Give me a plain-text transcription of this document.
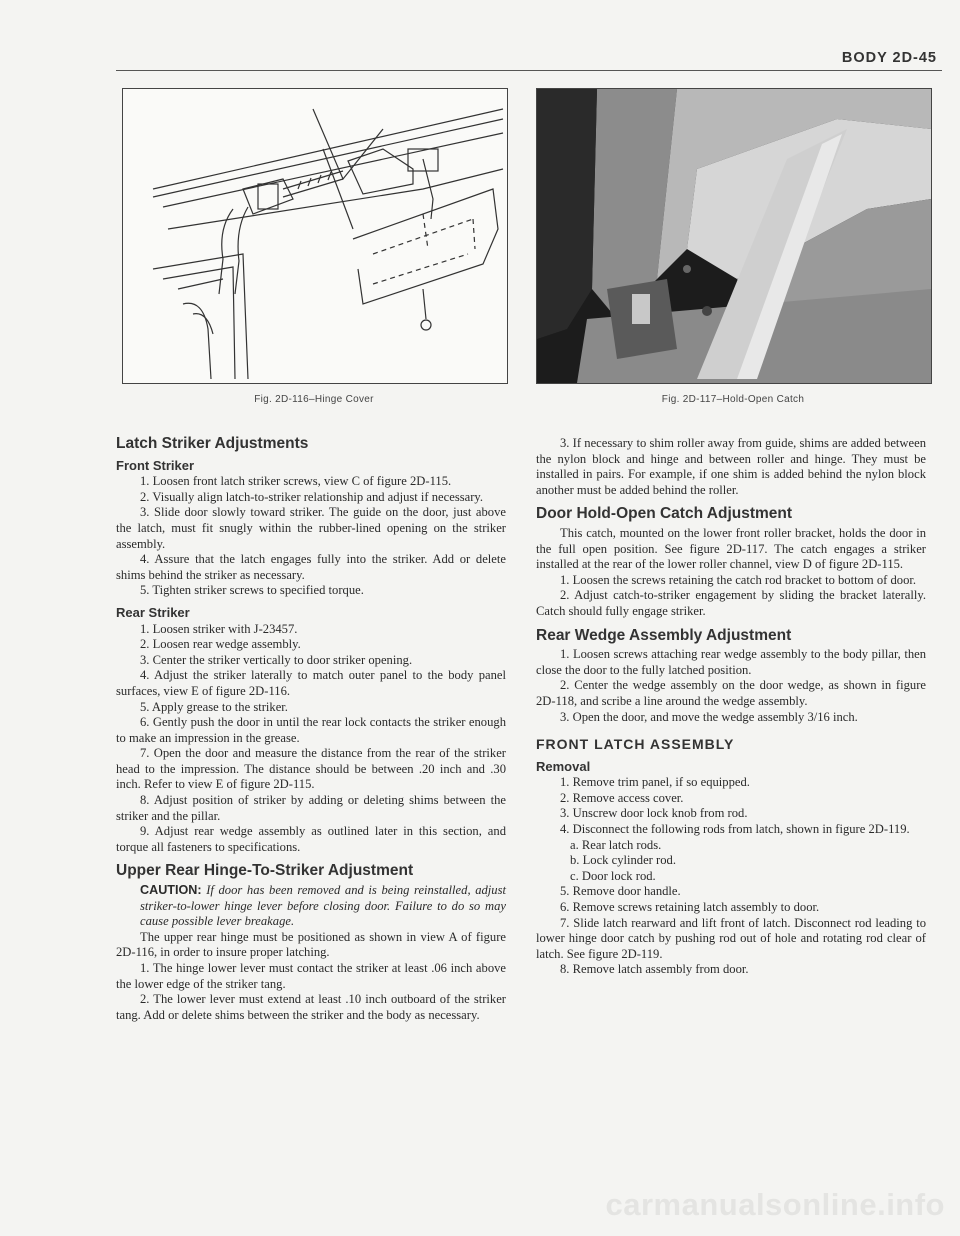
BODY 2D-45
Fig. 2D-116–Hinge Cover	Fig. 2D-117–Hold-Open Catch

Latch Striker Adjustments

Front Striker

1. Loosen front latch striker screws, view C of figure 2D-115.

2. Visually align latch-to-striker relationship and adjust if necessary.

3. Slide door slowly toward striker. The guide on the door, just above the latch, must fit snugly within the rubber-lined opening on the striker assembly.

4. Assure that the latch engages fully into the striker. Add or delete shims behind the striker as necessary.

5. Tighten striker screws to specified torque.

Rear Striker

1. Loosen striker with J-23457.

2. Loosen rear wedge assembly.

3. Center the striker vertically to door striker opening.

4. Adjust the striker laterally to match outer panel to the body panel surfaces, view E of figure 2D-116.

5. Apply grease to the striker.

6. Gently push the door in until the rear lock contacts the striker enough to make an impression in the grease.

7. Open the door and measure the distance from the rear of the striker head to the impression. The distance should be between .20 inch and .30 inch. Refer to view E of figure 2D-115.

8. Adjust position of striker by adding or deleting shims between the striker and the pillar.

9. Adjust rear wedge assembly as outlined later in this section, and torque all fasteners to specifications.

Upper Rear Hinge-To-Striker Adjustment

CAUTION: If door has been removed and is being reinstalled, adjust striker-to-lower hinge lever before closing door. Failure to do so may cause possible lever breakage.

The upper rear hinge must be positioned as shown in view A of figure 2D-116, in order to insure proper latching.

1. The hinge lower lever must contact the striker at least .06 inch above the lower edge of the striker tang.

2. The lower lever must extend at least .10 inch outboard of the striker tang. Add or delete shims between the striker and the body as necessary.

3. If necessary to shim roller away from guide, shims are added between the nylon block and hinge and between roller and hinge. They must be installed in pairs. For example, if one shim is added behind the nylon block another must be added behind the roller.

Door Hold-Open Catch Adjustment

This catch, mounted on the lower front roller bracket, holds the door in the full open position. See figure 2D-117. The catch engages a striker installed at the rear of the lower roller channel, view D of figure 2D-115.

1. Loosen the screws retaining the catch rod bracket to bottom of door.

2. Adjust catch-to-striker engagement by sliding the bracket laterally. Catch should fully engage striker.

Rear Wedge Assembly Adjustment

1. Loosen screws attaching rear wedge assembly to the body pillar, then close the door to the fully latched position.

2. Center the wedge assembly on the door wedge, as shown in figure 2D-118, and scribe a line around the wedge assembly.

3. Open the door, and move the wedge assembly 3/16 inch.

FRONT LATCH ASSEMBLY

Removal

1. Remove trim panel, if so equipped.

2. Remove access cover.

3. Unscrew door lock knob from rod.

4. Disconnect the following rods from latch, shown in figure 2D-119.

a. Rear latch rods.

b. Lock cylinder rod.

c. Door lock rod.

5. Remove door handle.

6. Remove screws retaining latch assembly to door.

7. Slide latch rearward and lift front of latch. Disconnect rod leading to lower hinge door catch by pushing rod out of hole and rotating rod clear of latch. See figure 2D-119.

8. Remove latch assembly from door.

carmanualsonline.info
